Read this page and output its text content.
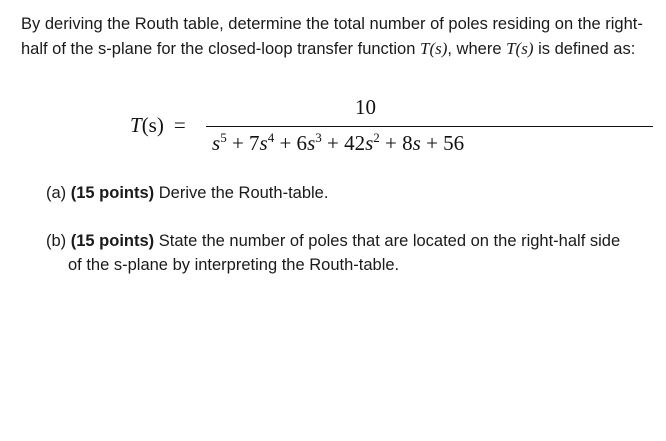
By deriving the Routh table, determine the total number of poles residing on the right-half of the s-plane for the closed-loop transfer function T(s), where T(s) is defined as:

T(s) =
10
$s^5 + 7s^4 + 6s^3 + 42s^2 + 8s + 56$

(a) (15 points) Derive the Routh-table.

(b) (15 points) State the number of poles that are located on the right-half side
of the s-plane by interpreting the Routh-table.
